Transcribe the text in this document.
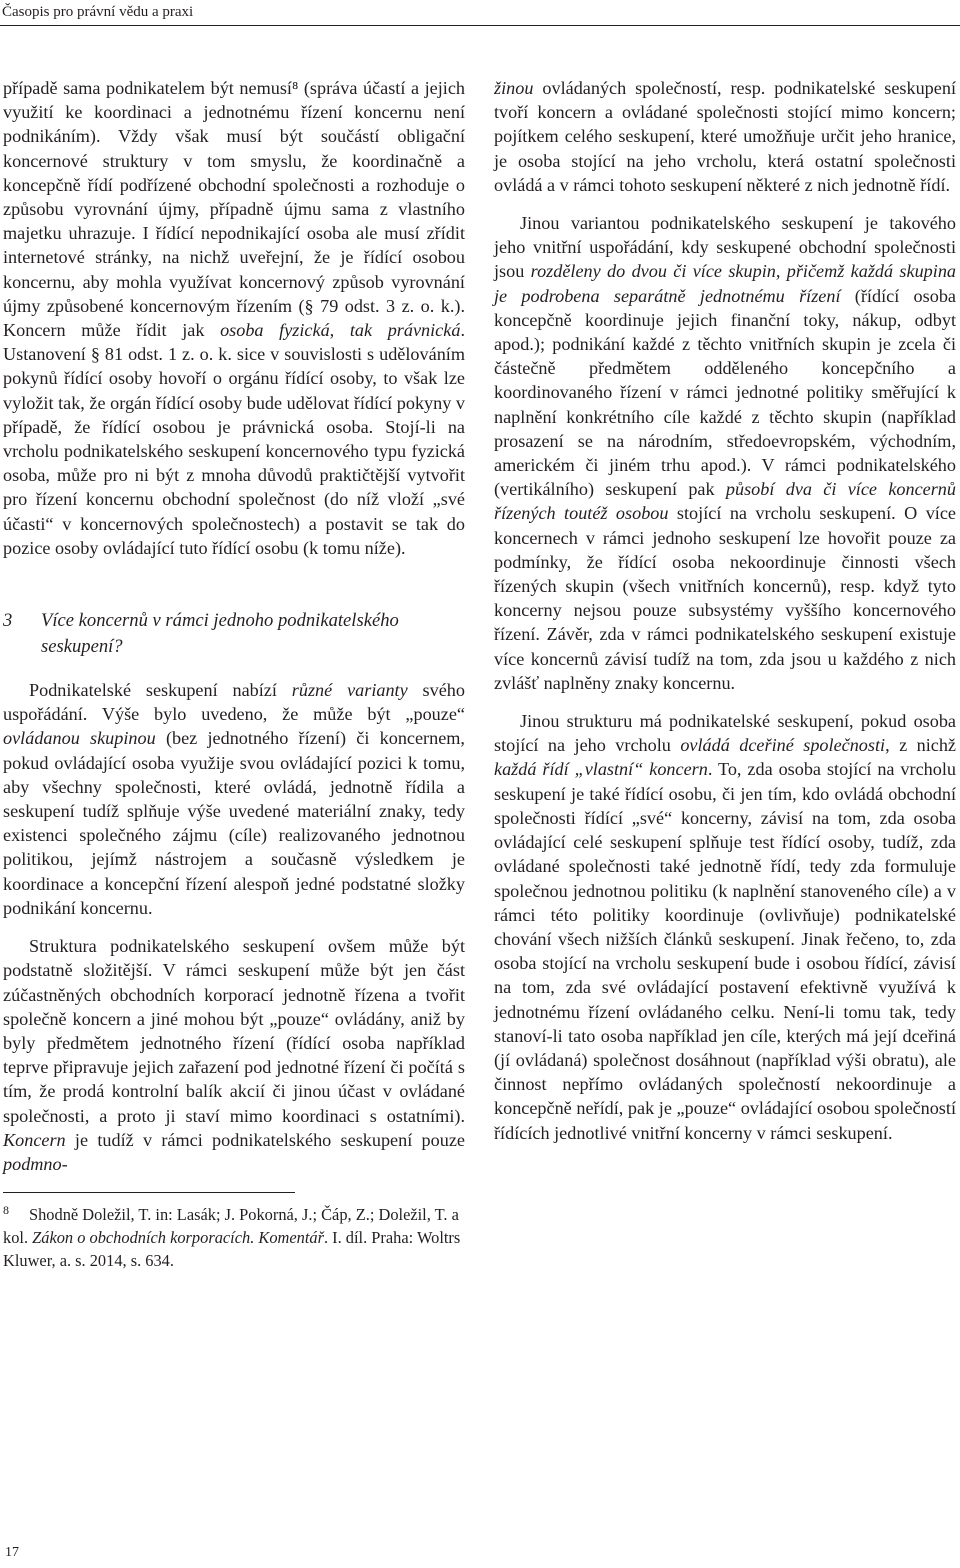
Časopis pro právní vědu a praxi

případě sama podnikatelem být nemusí⁸ (správa účastí a jejich využití ke koordinaci a jednotnému řízení koncernu není podnikáním). Vždy však musí být součástí obligační koncernové struktury v tom smyslu, že koordinačně a koncepčně řídí podřízené obchodní společnosti a rozhoduje o způsobu vyrovnání újmy, případně újmu sama z vlastního majetku uhrazuje. I řídící nepodnikající osoba ale musí zřídit internetové stránky, na nichž uveřejní, že je řídící osobou koncernu, aby mohla využívat koncernový způsob vyrovnání újmy způsobené koncernovým řízením (§ 79 odst. 3 z. o. k.). Koncern může řídit jak osoba fyzická, tak právnická. Ustanovení § 81 odst. 1 z. o. k. sice v souvislosti s udělováním pokynů řídící osoby hovoří o orgánu řídící osoby, to však lze vyložit tak, že orgán řídící osoby bude udělovat řídící pokyny v případě, že řídící osobou je právnická osoba. Stojí-li na vrcholu podnikatelského seskupení koncernového typu fyzická osoba, může pro ni být z mnoha důvodů praktičtější vytvořit pro řízení koncernu obchodní společnost (do níž vloží „své účasti“ v koncernových společnostech) a postavit se tak do pozice osoby ovládající tuto řídící osobu (k tomu níže).

3	Více koncernů v rámci jednoho podnikatelského seskupení?

Podnikatelské seskupení nabízí různé varianty svého uspořádání. Výše bylo uvedeno, že může být „pouze“ ovládanou skupinou (bez jednotného řízení) či koncernem, pokud ovládající osoba využije svou ovládající pozici k tomu, aby všechny společnosti, které ovládá, jednotně řídila a seskupení tudíž splňuje výše uvedené materiální znaky, tedy existenci společného zájmu (cíle) realizovaného jednotnou politikou, jejímž nástrojem a současně výsledkem je koordinace a koncepční řízení alespoň jedné podstatné složky podnikání koncernu.

Struktura podnikatelského seskupení ovšem může být podstatně složitější. V rámci seskupení může být jen část zúčastněných obchodních korporací jednotně řízena a tvořit společně koncern a jiné mohou být „pouze“ ovládány, aniž by byly předmětem jednotného řízení (řídící osoba například teprve připravuje jejich zařazení pod jednotné řízení či počítá s tím, že prodá kontrolní balík akcií či jinou účast v ovládané společnosti, a proto ji staví mimo koordinaci s ostatními). Koncern je tudíž v rámci podnikatelského seskupení pouze podmno-

8 Shodně Doležil, T. in: Lasák; J. Pokorná, J.; Čáp, Z.; Doležil, T. a kol. Zákon o obchodních korporacích. Komentář. I. díl. Praha: Woltrs Kluwer, a. s. 2014, s. 634.

žinou ovládaných společností, resp. podnikatelské seskupení tvoří koncern a ovládané společnosti stojící mimo koncern; pojítkem celého seskupení, které umožňuje určit jeho hranice, je osoba stojící na jeho vrcholu, která ostatní společnosti ovládá a v rámci tohoto seskupení některé z nich jednotně řídí.

Jinou variantou podnikatelského seskupení je takového jeho vnitřní uspořádání, kdy seskupené obchodní společnosti jsou rozděleny do dvou či více skupin, přičemž každá skupina je podrobena separátně jednotnému řízení (řídící osoba koncepčně koordinuje jejich finanční toky, nákup, odbyt apod.); podnikání každé z těchto vnitřních skupin je zcela či částečně předmětem odděleného koncepčního a koordinovaného řízení v rámci jednotné politiky směřující k naplnění konkrétního cíle každé z těchto skupin (například prosazení se na národním, středoevropském, východním, americkém či jiném trhu apod.). V rámci podnikatelského (vertikálního) seskupení pak působí dva či více koncernů řízených toutéž osobou stojící na vrcholu seskupení. O více koncernech v rámci jednoho seskupení lze hovořit pouze za podmínky, že řídící osoba nekoordinuje činnosti všech řízených skupin (všech vnitřních koncernů), resp. když tyto koncerny nejsou pouze subsystémy vyššího koncernového řízení. Závěr, zda v rámci podnikatelského seskupení existuje více koncernů závisí tudíž na tom, zda jsou u každého z nich zvlášť naplněny znaky koncernu.

Jinou strukturu má podnikatelské seskupení, pokud osoba stojící na jeho vrcholu ovládá dceřiné společnosti, z nichž každá řídí „vlastní“ koncern. To, zda osoba stojící na vrcholu seskupení je také řídící osobu, či jen tím, kdo ovládá obchodní společnosti řídící „své“ koncerny, závisí na tom, zda osoba ovládající celé seskupení splňuje test řídící osoby, tudíž, zda ovládané společnosti také jednotně řídí, tedy zda formuluje společnou jednotnou politiku (k naplnění stanoveného cíle) a v rámci této politiky koordinuje (ovlivňuje) podnikatelské chování všech nižších článků seskupení. Jinak řečeno, to, zda osoba stojící na vrcholu seskupení bude i osobou řídící, závisí na tom, zda své ovládající postavení efektivně využívá k jednotnému řízení ovládaného celku. Není-li tomu tak, tedy stanoví-li tato osoba například jen cíle, kterých má její dceřiná (jí ovládaná) společnost dosáhnout (například výši obratu), ale činnost nepřímo ovládaných společností nekoordinuje a koncepčně neřídí, pak je „pouze“ ovládající osobou společností řídících jednotlivé vnitřní koncerny v rámci seskupení.

17
